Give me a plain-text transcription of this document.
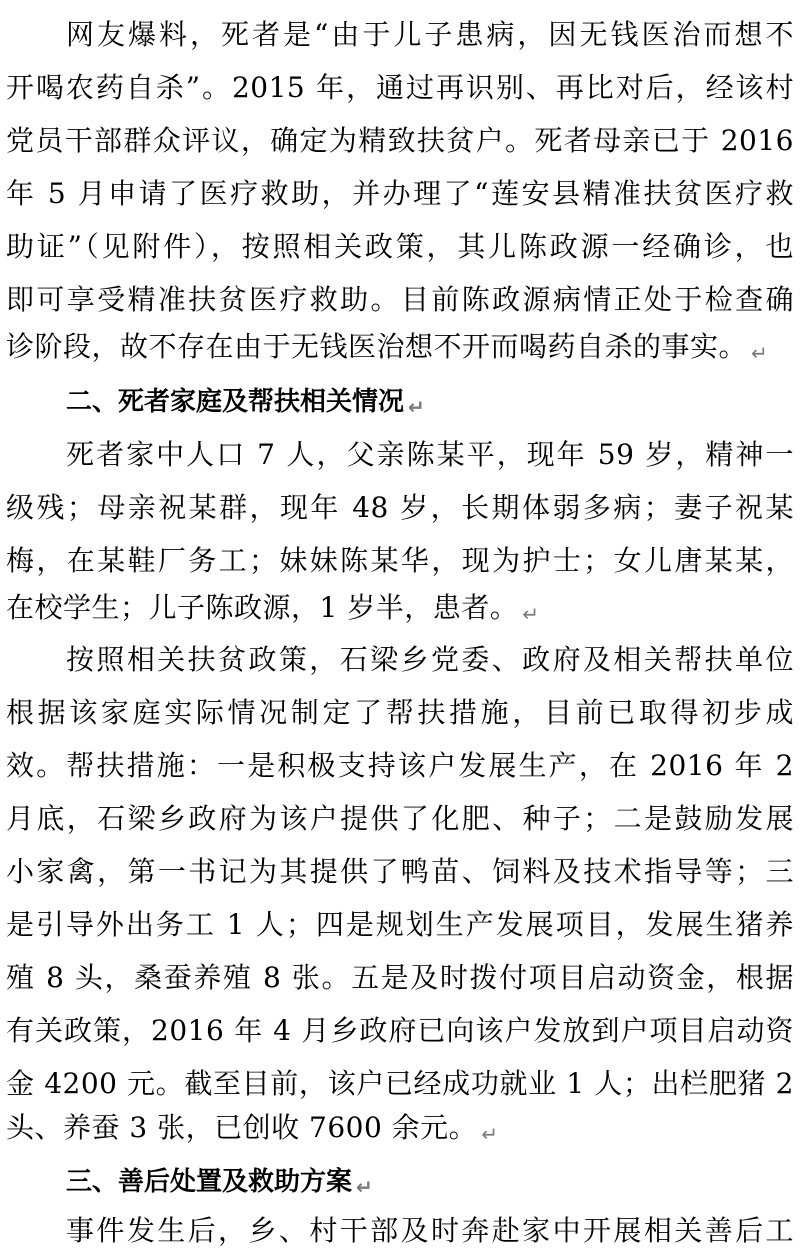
网友爆料，死者是“由于儿子患病，因无钱医治而想不
开喝农药自杀”。2015 年，通过再识别、再比对后，经该村
党员干部群众评议，确定为精致扶贫户。死者母亲已于 2016
年 5 月申请了医疗救助，并办理了“莲安县精准扶贫医疗救
助证”（见附件），按照相关政策，其儿陈政源一经确诊，也
即可享受精准扶贫医疗救助。目前陈政源病情正处于检查确
诊阶段，故不存在由于无钱医治想不开而喝药自杀的事实。 ↵
二、死者家庭及帮扶相关情况 ↵
死者家中人口 7 人，父亲陈某平，现年 59 岁，精神一
级残；母亲祝某群，现年 48 岁，长期体弱多病；妻子祝某
梅，在某鞋厂务工；妹妹陈某华，现为护士；女儿唐某某，
在校学生；儿子陈政源，1 岁半，患者。 ↵
按照相关扶贫政策，石梁乡党委、政府及相关帮扶单位
根据该家庭实际情况制定了帮扶措施，目前已取得初步成
效。帮扶措施：一是积极支持该户发展生产，在 2016 年 2
月底，石梁乡政府为该户提供了化肥、种子；二是鼓励发展
小家禽，第一书记为其提供了鸭苗、饲料及技术指导等；三
是引导外出务工 1 人；四是规划生产发展项目，发展生猪养
殖 8 头，桑蚕养殖 8 张。五是及时拨付项目启动资金，根据
有关政策，2016 年 4 月乡政府已向该户发放到户项目启动资
金 4200 元。截至目前，该户已经成功就业 1 人；出栏肥猪 2
头、养蚕 3 张，已创收 7600 余元。 ↵
三、善后处置及救助方案 ↵
事件发生后，乡、村干部及时奔赴家中开展相关善后工
